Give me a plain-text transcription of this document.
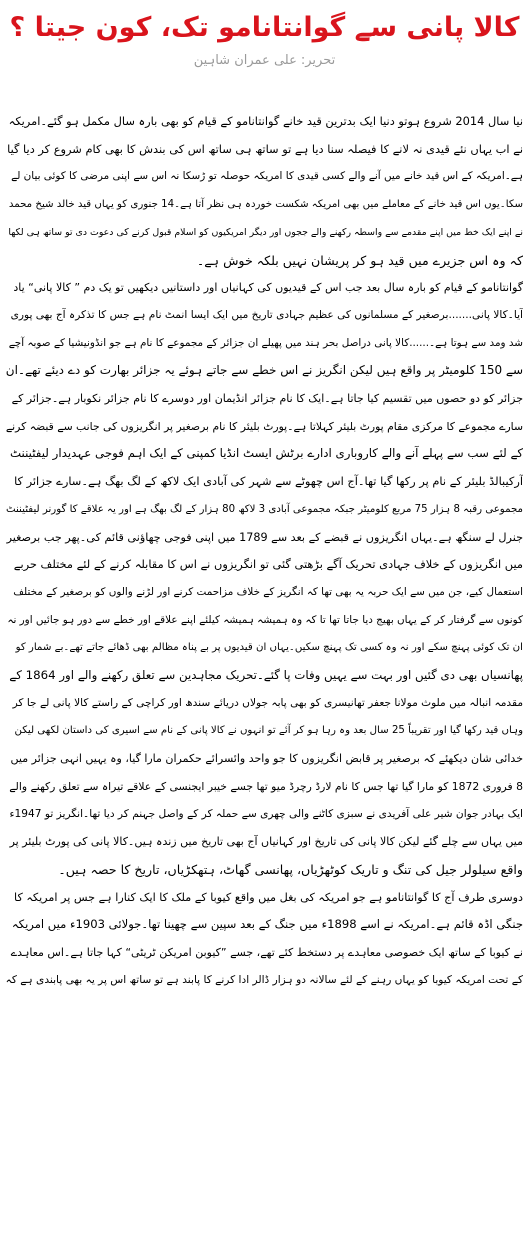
کالا پانی سے گوانتانامو تک، کون جیتا ؟
تحریر:علی عمران شاہین

نیا سال 2014 شروع ہوتو دنیا ایک بدترین قید خانے گوانتانامو کے قیام کو بھی بارہ سال مکمل ہو گئے۔امریکہ
نے اب یہاں نئے قیدی نہ لانے کا فیصلہ سنا دیا ہے تو ساتھ ہی ساتھ اس کی بندش کا بھی کام شروع کر دیا گیا
ہے۔امریکہ کے اس قید خانے میں آنے والے کسی قیدی کا امریکہ حوصلہ تو ڑسکا نہ اس سے اپنی مرضی کا کوئی بیان لے
سکا۔یوں اس قید خانے کے معاملے میں بھی امریکہ شکست خوردہ ہی نظر آتا ہے۔14 جنوری کو یہاں قید خالد شیخ محمد
نے اپنے ایک خط میں اپنے مقدمے سے واسطہ رکھنے والے ججوں اور دیگر امریکیوں کو اسلام قبول کرنے کی دعوت دی تو ساتھ ہی لکھا
کہ وہ اس جزیرے میں قید ہو کر پریشان نہیں بلکہ خوش ہے۔

گوانتانامو کے قیام کو بارہ سال بعد جب اس کے قیدیوں کی کہانیاں اور داستانیں دیکھیں تو یک دم ” کالا پانی“ یاد
آیا۔کالا پانی.......برصغیر کے مسلمانوں کی عظیم جہادی تاریخ میں ایک ایسا انمٹ نام ہے جس کا تذکرہ آج بھی پوری
شد ومد سے ہوتا ہے۔......کالا پانی دراصل بحر ہند میں پھیلے ان جزائر کے مجموعے کا نام ہے جو انڈونیشیا کے صوبہ آچے
سے 150 کلومیٹر پر واقع ہیں لیکن انگریز نے اس خطے سے جاتے ہوئے یہ جزائر بھارت کو دے دیئے تھے۔ان
جزائر کو دو حصوں میں تقسیم کیا جاتا ہے۔ایک کا نام جزائر انڈیمان اور دوسرے کا نام جزائر نکوبار ہے۔جزائر کے
سارے مجموعے کا مرکزی مقام پورٹ بلیئر کہلاتا ہے۔پورٹ بلیئر کا نام برصغیر پر انگریزوں کی جانب سے قبضہ کرنے
کے لئے سب سے پہلے آنے والے کاروباری ادارے برٹش ایسٹ انڈیا کمپنی کے ایک اہم فوجی عہدیدار لیفٹیننٹ
آرکیبالڈ بلیئر کے نام پر رکھا گیا تھا۔آج اس چھوٹے سے شہر کی آبادی ایک لاکھ کے لگ بھگ ہے۔سارے جزائر کا
مجموعی رقبہ 8 ہزار 75 مربع کلومیٹر جبکہ مجموعی آبادی 3 لاکھ 80 ہزار کے لگ بھگ ہے اور یہ علاقے کا گورنر لیفٹیننٹ
جنرل لے سنگھ ہے۔یہاں انگریزوں نے قبضے کے بعد سے 1789 میں اپنی فوجی چھاؤنی قائم کی۔پھر جب برصغیر
میں انگریزوں کے خلاف جہادی تحریک آگے بڑھتی گئی تو انگریزوں نے اس کا مقابلہ کرنے کے لئے مختلف حربے
استعمال کیے، جن میں سے ایک حربہ یہ بھی تھا کہ انگریز کے خلاف مزاحمت کرنے اور لڑنے والوں کو برصغیر کے مختلف
کونوں سے گرفتار کر کے یہاں بھیج دیا جاتا تھا تا کہ وہ ہمیشہ ہمیشہ کیلئے اپنے علاقے اور خطے سے دور ہو جائیں اور نہ
ان تک کوئی پہنچ سکے اور نہ وہ کسی تک پہنچ سکیں۔یہاں ان قیدیوں پر بے پناہ مظالم بھی ڈھائے جاتے تھے۔بے شمار کو
پھانسیاں بھی دی گئیں اور بہت سے یہیں وفات پا گئے۔تحریک مجاہدین سے تعلق رکھنے والے اور 1864 کے
مقدمہ انبالہ میں ملوث مولانا جعفر تھانیسری کو بھی پابہ جولاں دریائے سندھ اور کراچی کے راستے کالا پانی لے جا کر
وہاں قید رکھا گیا اور تقریباً 25 سال بعد وہ رہا ہو کر آئے تو انہوں نے کالا پانی کے نام سے اسیری کی داستان لکھی لیکن
خدائی شان دیکھئے کہ برصغیر پر قابض انگریزوں کا جو واحد وائسرائے حکمران مارا گیا، وہ یہیں انہی جزائر میں
8 فروری 1872 کو مارا گیا تھا جس کا نام لارڈ رچرڈ میو تھا جسے خیبر ایجنسی کے علاقے تیراہ سے تعلق رکھنے والے
ایک بہادر جوان شیر علی آفریدی نے سبزی کاٹنے والی چھری سے حملہ کر کے واصل جہنم کر دیا تھا۔انگریز تو 1947ء
میں یہاں سے چلے گئے لیکن کالا پانی کی تاریخ اور کہانیاں آج بھی تاریخ میں زندہ ہیں۔کالا پانی کی پورٹ بلیئر پر
واقع سیلولر جیل کی تنگ و تاریک کوٹھڑیاں، پھانسی گھاٹ، ہتھکڑیاں، تاریخ کا حصہ ہیں۔

دوسری طرف آج کا گوانتانامو ہے جو امریکہ کی بغل میں واقع کیوبا کے ملک کا ایک کنارا ہے جس پر امریکہ کا
جنگی اڈہ قائم ہے۔امریکہ نے اسے 1898ء میں جنگ کے بعد سپین سے چھینا تھا۔جولائی 1903ء میں امریکہ
نے کیوبا کے ساتھ ایک خصوصی معاہدے پر دستخط کئے تھے، جسے ”کیوبن امریکن ٹریٹی“ کہا جاتا ہے۔اس معاہدے
کے تحت امریکہ کیوبا کو یہاں رہنے کے لئے سالانہ دو ہزار ڈالر ادا کرنے کا پابند ہے تو ساتھ اس پر یہ بھی پابندی ہے کہ
